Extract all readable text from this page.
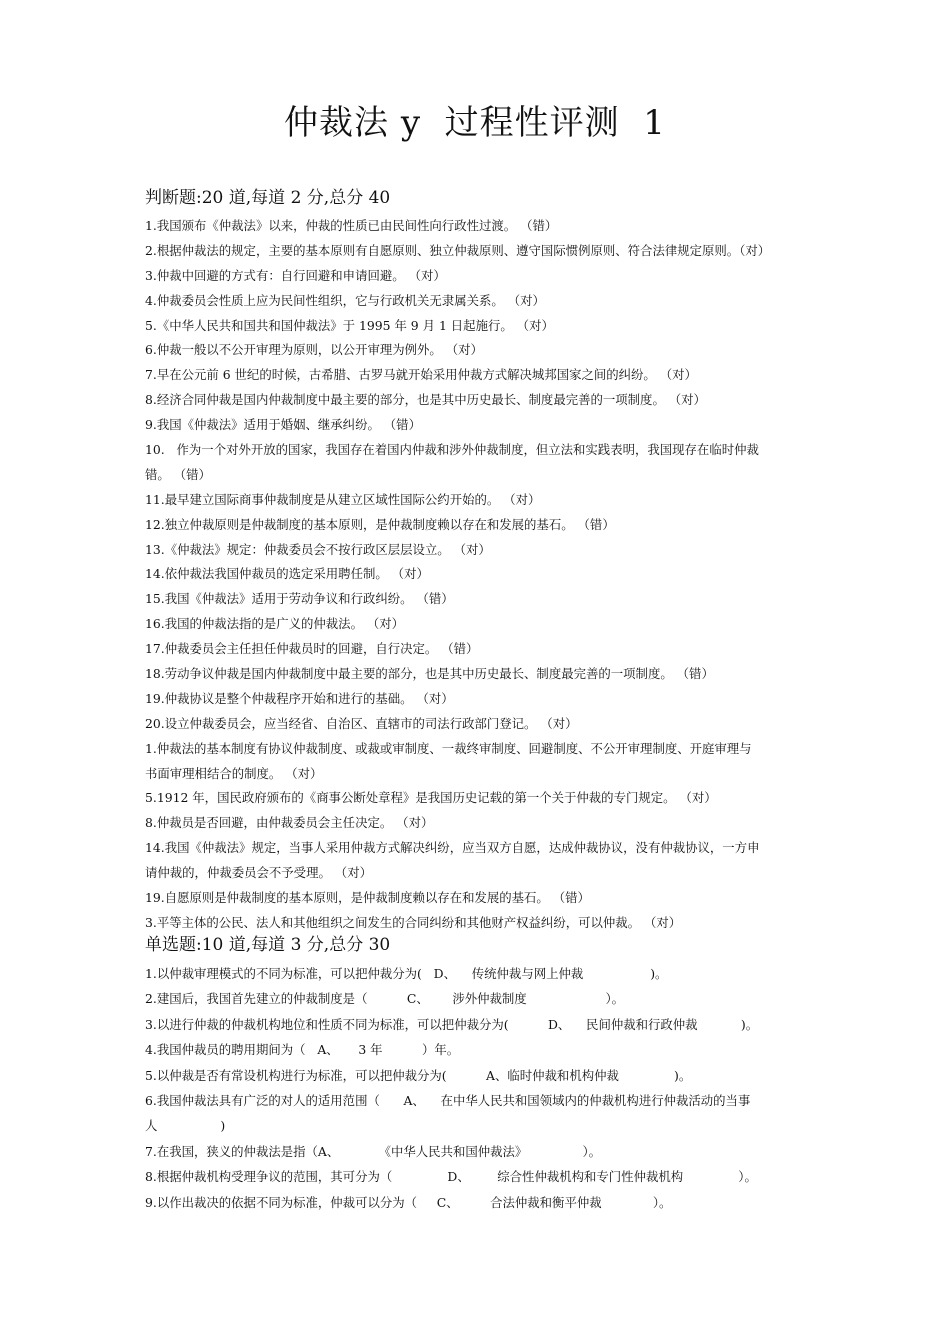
仲裁法 y  过程性评测  1
判断题:20 道,每道 2 分,总分 40
1.我国颁布《仲裁法》以来，仲裁的性质已由民间性向行政性过渡。 （错）
2.根据仲裁法的规定，主要的基本原则有自愿原则、独立仲裁原则、遵守国际惯例原则、符合法律规定原则。（对）
3.仲裁中回避的方式有：自行回避和申请回避。 （对）
4.仲裁委员会性质上应为民间性组织，它与行政机关无隶属关系。 （对）
5.《中华人民共和国共和国仲裁法》于 1995 年 9 月 1 日起施行。 （对）
6.仲裁一般以不公开审理为原则，以公开审理为例外。 （对）
7.早在公元前 6 世纪的时候，古希腊、古罗马就开始采用仲裁方式解决城邦国家之间的纠纷。 （对）
8.经济合同仲裁是国内仲裁制度中最主要的部分，也是其中历史最长、制度最完善的一项制度。 （对）
9.我国《仲裁法》适用于婚姻、继承纠纷。 （错）
10.   作为一个对外开放的国家，我国存在着国内仲裁和涉外仲裁制度，但立法和实践表明，我国现存在临时仲裁
错。 （错）
11.最早建立国际商事仲裁制度是从建立区域性国际公约开始的。 （对）
12.独立仲裁原则是仲裁制度的基本原则，是仲裁制度赖以存在和发展的基石。 （错）
13.《仲裁法》规定：仲裁委员会不按行政区层层设立。 （对）
14.依仲裁法我国仲裁员的选定采用聘任制。 （对）
15.我国《仲裁法》适用于劳动争议和行政纠纷。 （错）
16.我国的仲裁法指的是广义的仲裁法。 （对）
17.仲裁委员会主任担任仲裁员时的回避，自行决定。 （错）
18.劳动争议仲裁是国内仲裁制度中最主要的部分，也是其中历史最长、制度最完善的一项制度。 （错）
19.仲裁协议是整个仲裁程序开始和进行的基础。 （对）
20.设立仲裁委员会，应当经省、自治区、直辖市的司法行政部门登记。 （对）
1.仲裁法的基本制度有协议仲裁制度、或裁或审制度、一裁终审制度、回避制度、不公开审理制度、开庭审理与
书面审理相结合的制度。 （对）
5.1912 年，国民政府颁布的《商事公断处章程》是我国历史记载的第一个关于仲裁的专门规定。 （对）
8.仲裁员是否回避，由仲裁委员会主任决定。 （对）
14.我国《仲裁法》规定，当事人采用仲裁方式解决纠纷，应当双方自愿，达成仲裁协议，没有仲裁协议，一方申
请仲裁的，仲裁委员会不予受理。 （对）
19.自愿原则是仲裁制度的基本原则，是仲裁制度赖以存在和发展的基石。 （错）
3.平等主体的公民、法人和其他组织之间发生的合同纠纷和其他财产权益纠纷，可以仲裁。 （对）
单选题:10 道,每道 3 分,总分 30
1.以仲裁审理模式的不同为标准，可以把仲裁分为(   D、    传统仲裁与网上仲裁                 )。
2.建国后，我国首先建立的仲裁制度是（          C、      涉外仲裁制度                    ）。
3.以进行仲裁的仲裁机构地位和性质不同为标准，可以把仲裁分为(          D、    民间仲裁和行政仲裁           )。
4.我国仲裁员的聘用期间为（   A、     3 年          ）年。
5.以仲裁是否有常设机构进行为标准，可以把仲裁分为(          A、临时仲裁和机构仲裁              )。
6.我国仲裁法具有广泛的对人的适用范围（      A、    在中华人民共和国领域内的仲裁机构进行仲裁活动的当事
人                )
7.在我国，狭义的仲裁法是指（A、          《中华人民共和国仲裁法》              ）。
8.根据仲裁机构受理争议的范围，其可分为（              D、       综合性仲裁机构和专门性仲裁机构              ）。
9.以作出裁决的依据不同为标准，仲裁可以分为（     C、        合法仲裁和衡平仲裁             ）。
